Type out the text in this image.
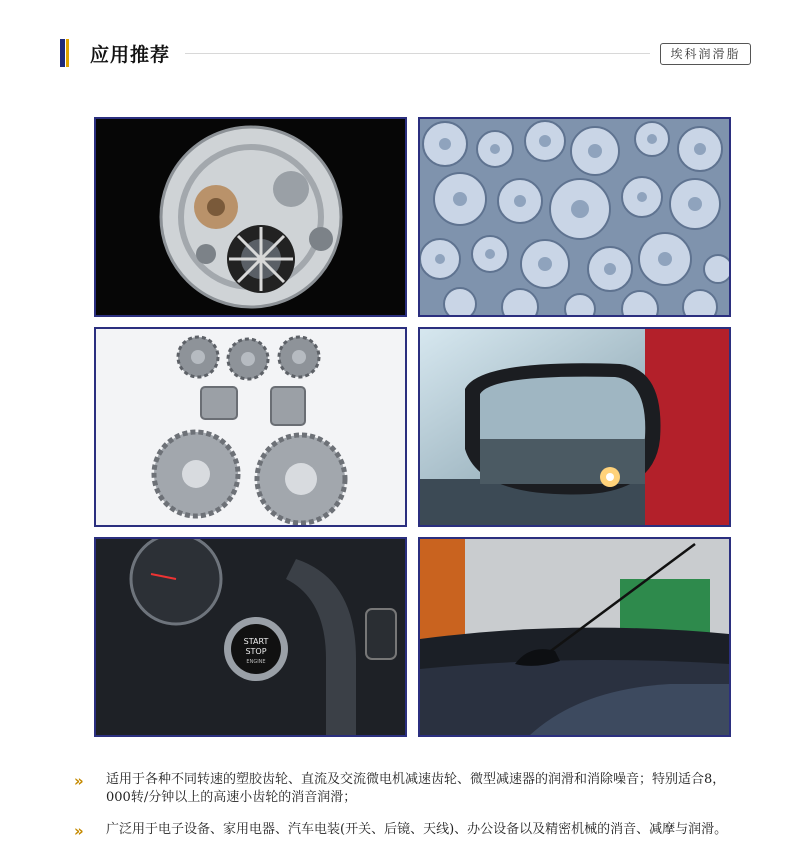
应用推荐	埃科润滑脂
START
STOP
ENGINE
» 适用于各种不同转速的塑胶齿轮、直流及交流微电机减速齿轮、微型减速器的润滑和消除噪音；特别适合8，000转/分钟以上的高速小齿轮的消音润滑；
» 广泛用于电子设备、家用电器、汽车电装(开关、后镜、天线)、办公设备以及精密机械的消音、减摩与润滑。
